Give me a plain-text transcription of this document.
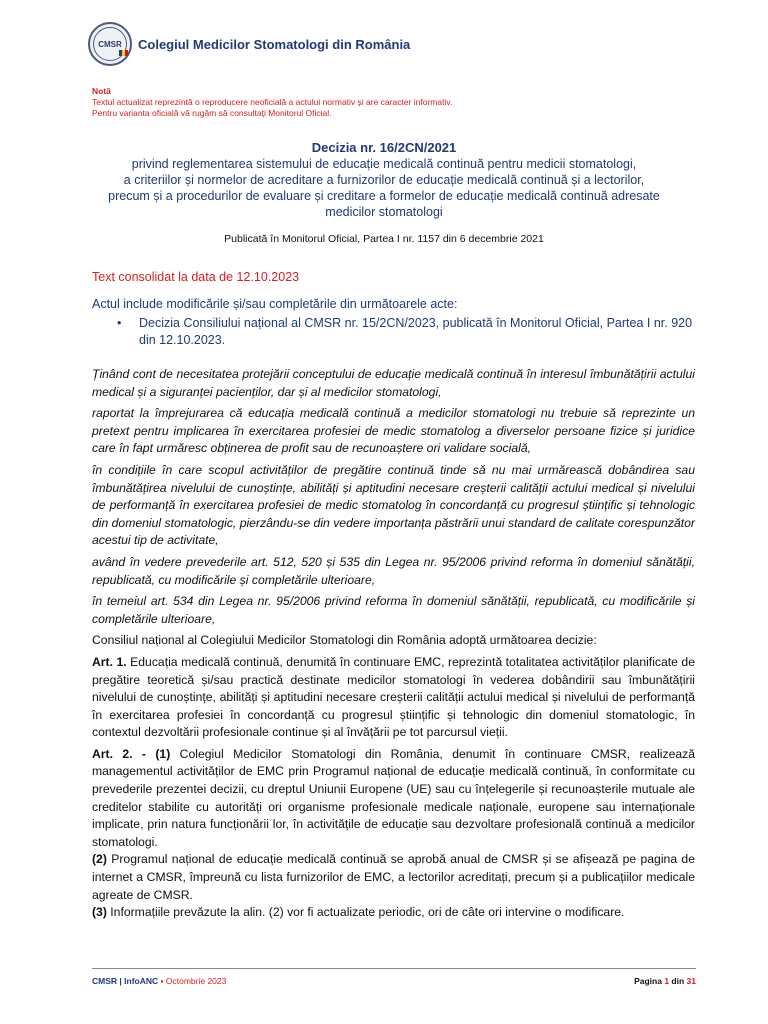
CMSR	Colegiul Medicilor Stomatologi din România
Notă
Textul actualizat reprezintă o reproducere neoficială a actului normativ și are caracter informativ.
Pentru varianta oficială vă rugăm să consultați Monitorul Oficial.
Decizia nr. 16/2CN/2021
privind reglementarea sistemului de educație medicală continuă pentru medicii stomatologi,
a criteriilor și normelor de acreditare a furnizorilor de educație medicală continuă și a lectorilor,
precum și a procedurilor de evaluare și creditare a formelor de educație medicală continuă adresate
medicilor stomatologi
Publicată în Monitorul Oficial, Partea I nr. 1157 din 6 decembrie 2021
Text consolidat la data de 12.10.2023
Actul include modificările și/sau completările din următoarele acte:
•	Decizia Consiliului național al CMSR nr. 15/2CN/2023, publicată în Monitorul Oficial, Partea I nr. 920 din 12.10.2023.

Ținând cont de necesitatea protejării conceptului de educație medicală continuă în interesul îmbunătățirii actului medical și a siguranței pacienților, dar și al medicilor stomatologi,

raportat la împrejurarea că educația medicală continuă a medicilor stomatologi nu trebuie să reprezinte un pretext pentru implicarea în exercitarea profesiei de medic stomatolog a diverselor persoane fizice și juridice care în fapt urmăresc obținerea de profit sau de recunoaștere ori validare socială,

în condițiile în care scopul activităților de pregătire continuă tinde să nu mai urmărească dobândirea sau îmbunătățirea nivelului de cunoștințe, abilități și aptitudini necesare creșterii calității actului medical și nivelului de performanță în exercitarea profesiei de medic stomatolog în concordanță cu progresul științific și tehnologic din domeniul stomatologic, pierzându-se din vedere importanța păstrării unui standard de calitate corespunzător acestui tip de activitate,

având în vedere prevederile art. 512, 520 și 535 din Legea nr. 95/2006 privind reforma în domeniul sănătății, republicată, cu modificările și completările ulterioare,

în temeiul art. 534 din Legea nr. 95/2006 privind reforma în domeniul sănătății, republicată, cu modificările și completările ulterioare,

Consiliul național al Colegiului Medicilor Stomatologi din România adoptă următoarea decizie:

Art. 1. Educația medicală continuă, denumită în continuare EMC, reprezintă totalitatea activităților planificate de pregătire teoretică și/sau practică destinate medicilor stomatologi în vederea dobândirii sau îmbunătățirii nivelului de cunoștințe, abilități și aptitudini necesare creșterii calității actului medical și nivelului de performanță în exercitarea profesiei în concordanță cu progresul științific și tehnologic din domeniul stomatologic, în contextul dezvoltării profesionale continue și al învățării pe tot parcursul vieții.

Art. 2. - (1) Colegiul Medicilor Stomatologi din România, denumit în continuare CMSR, realizează managementul activităților de EMC prin Programul național de educație medicală continuă, în conformitate cu prevederile prezentei decizii, cu dreptul Uniunii Europene (UE) sau cu înțelegerile și recunoașterile mutuale ale creditelor stabilite cu autorități ori organisme profesionale medicale naționale, europene sau internaționale implicate, prin natura funcționării lor, în activitățile de educație sau dezvoltare profesională continuă a medicilor stomatologi.

(2) Programul național de educație medicală continuă se aprobă anual de CMSR și se afișează pe pagina de internet a CMSR, împreună cu lista furnizorilor de EMC, a lectorilor acreditați, precum și a publicațiilor medicale agreate de CMSR.

(3) Informațiile prevăzute la alin. (2) vor fi actualizate periodic, ori de câte ori intervine o modificare.

CMSR | InfoANC ▪ Octombrie 2023	Pagina 1 din 31
